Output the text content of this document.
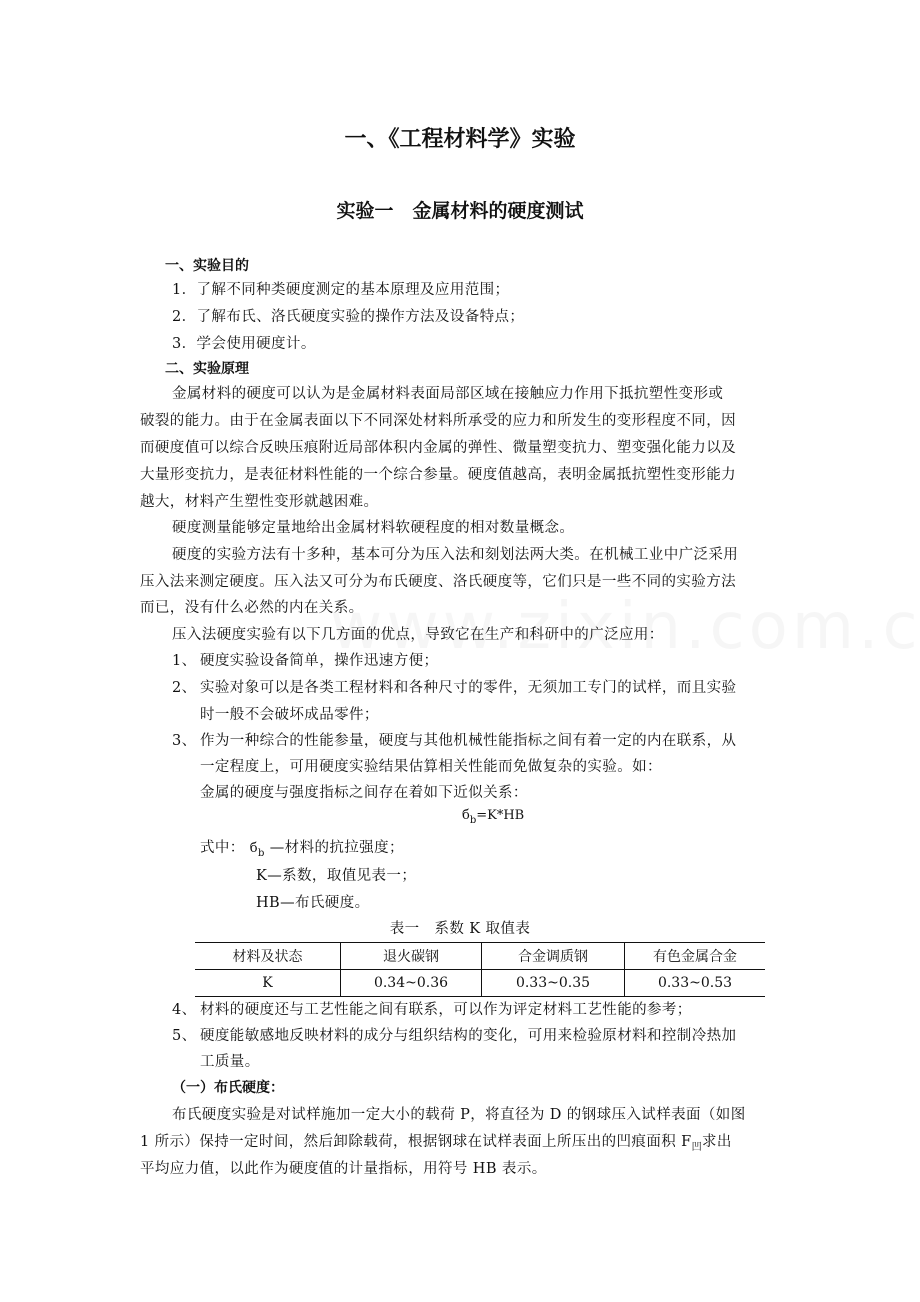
一、《工程材料学》实验
实验一　金属材料的硬度测试
一、实验目的
1．了解不同种类硬度测定的基本原理及应用范围；
2．了解布氏、洛氏硬度实验的操作方法及设备特点；
3．学会使用硬度计。
二、实验原理
金属材料的硬度可以认为是金属材料表面局部区域在接触应力作用下抵抗塑性变形或
破裂的能力。由于在金属表面以下不同深处材料所承受的应力和所发生的变形程度不同，因
而硬度值可以综合反映压痕附近局部体积内金属的弹性、微量塑变抗力、塑变强化能力以及
大量形变抗力，是表征材料性能的一个综合参量。硬度值越高，表明金属抵抗塑性变形能力
越大，材料产生塑性变形就越困难。
硬度测量能够定量地给出金属材料软硬程度的相对数量概念。
硬度的实验方法有十多种，基本可分为压入法和刻划法两大类。在机械工业中广泛采用
压入法来测定硬度。压入法又可分为布氏硬度、洛氏硬度等，它们只是一些不同的实验方法
而已，没有什么必然的内在关系。
压入法硬度实验有以下几方面的优点，导致它在生产和科研中的广泛应用：
1、 硬度实验设备简单，操作迅速方便；
2、 实验对象可以是各类工程材料和各种尺寸的零件，无须加工专门的试样，而且实验
时一般不会破坏成品零件；
3、 作为一种综合的性能参量，硬度与其他机械性能指标之间有着一定的内在联系，从
一定程度上，可用硬度实验结果估算相关性能而免做复杂的实验。如：
金属的硬度与强度指标之间存在着如下近似关系：
$б_b=K*HB$
式中： $б_b$ —材料的抗拉强度；
K—系数，取值见表一；
HB—布氏硬度。
表一　系数 K 取值表
材料及状态	退火碳钢	合金调质钢	有色金属合金
K	0.34~0.36	0.33~0.35	0.33~0.53
4、 材料的硬度还与工艺性能之间有联系，可以作为评定材料工艺性能的参考；
5、 硬度能敏感地反映材料的成分与组织结构的变化，可用来检验原材料和控制冷热加
工质量。
（一）布氏硬度：
布氏硬度实验是对试样施加一定大小的载荷 P，将直径为 D 的钢球压入试样表面（如图
1 所示）保持一定时间，然后卸除载荷，根据钢球在试样表面上所压出的凹痕面积 $F_凹$求出
平均应力值，以此作为硬度值的计量指标，用符号 HB 表示。
